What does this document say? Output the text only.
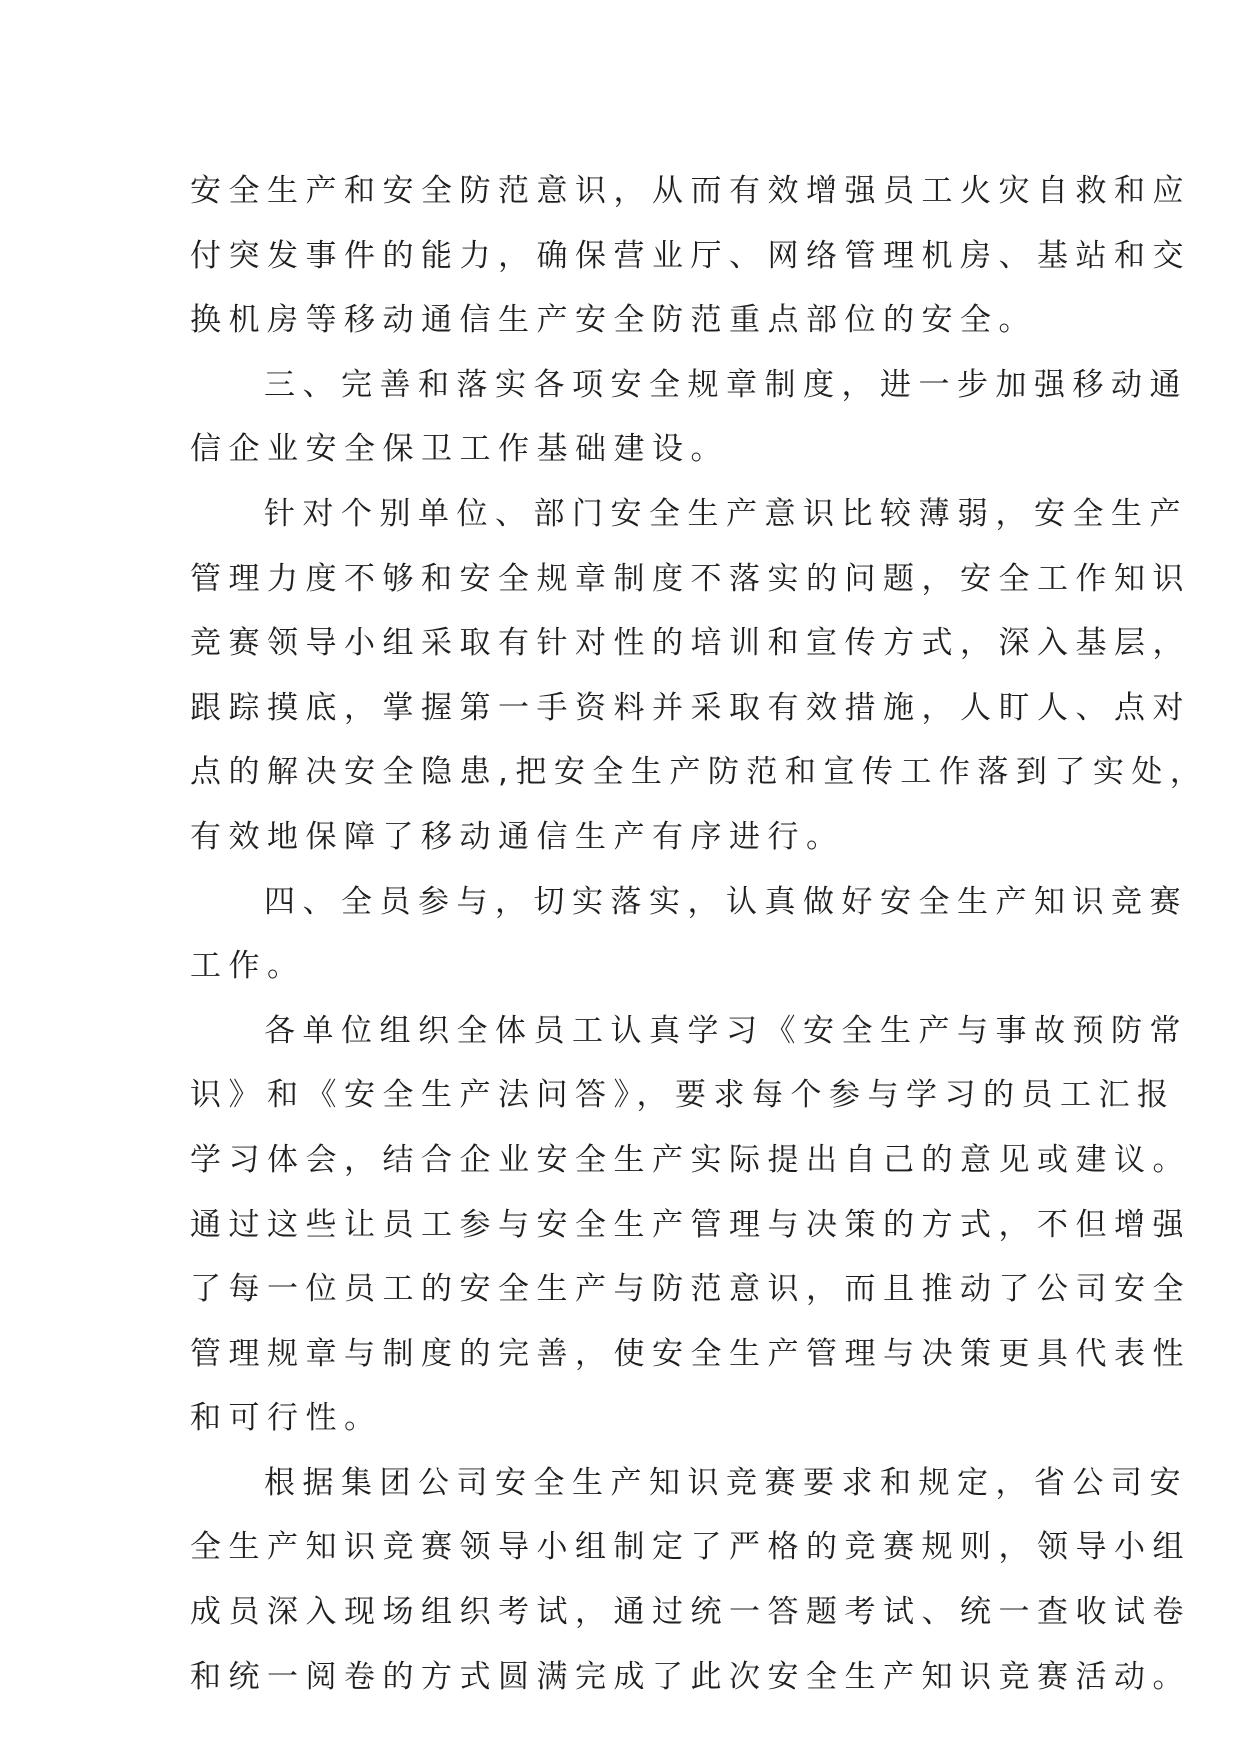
安全生产和安全防范意识，从而有效增强员工火灾自救和应
付突发事件的能力，确保营业厅、网络管理机房、基站和交
换机房等移动通信生产安全防范重点部位的安全。
三、完善和落实各项安全规章制度，进一步加强移动通
信企业安全保卫工作基础建设。
针对个别单位、部门安全生产意识比较薄弱，安全生产
管理力度不够和安全规章制度不落实的问题，安全工作知识
竞赛领导小组采取有针对性的培训和宣传方式，深入基层，
跟踪摸底，掌握第一手资料并采取有效措施，人盯人、点对
点的解决安全隐患,把安全生产防范和宣传工作落到了实处，
有效地保障了移动通信生产有序进行。
四、全员参与，切实落实，认真做好安全生产知识竞赛
工作。
各单位组织全体员工认真学习《安全生产与事故预防常
识》和《安全生产法问答》，要求每个参与学习的员工汇报
学习体会，结合企业安全生产实际提出自己的意见或建议。
通过这些让员工参与安全生产管理与决策的方式，不但增强
了每一位员工的安全生产与防范意识，而且推动了公司安全
管理规章与制度的完善，使安全生产管理与决策更具代表性
和可行性。
根据集团公司安全生产知识竞赛要求和规定，省公司安
全生产知识竞赛领导小组制定了严格的竞赛规则，领导小组
成员深入现场组织考试，通过统一答题考试、统一查收试卷
和统一阅卷的方式圆满完成了此次安全生产知识竞赛活动。
